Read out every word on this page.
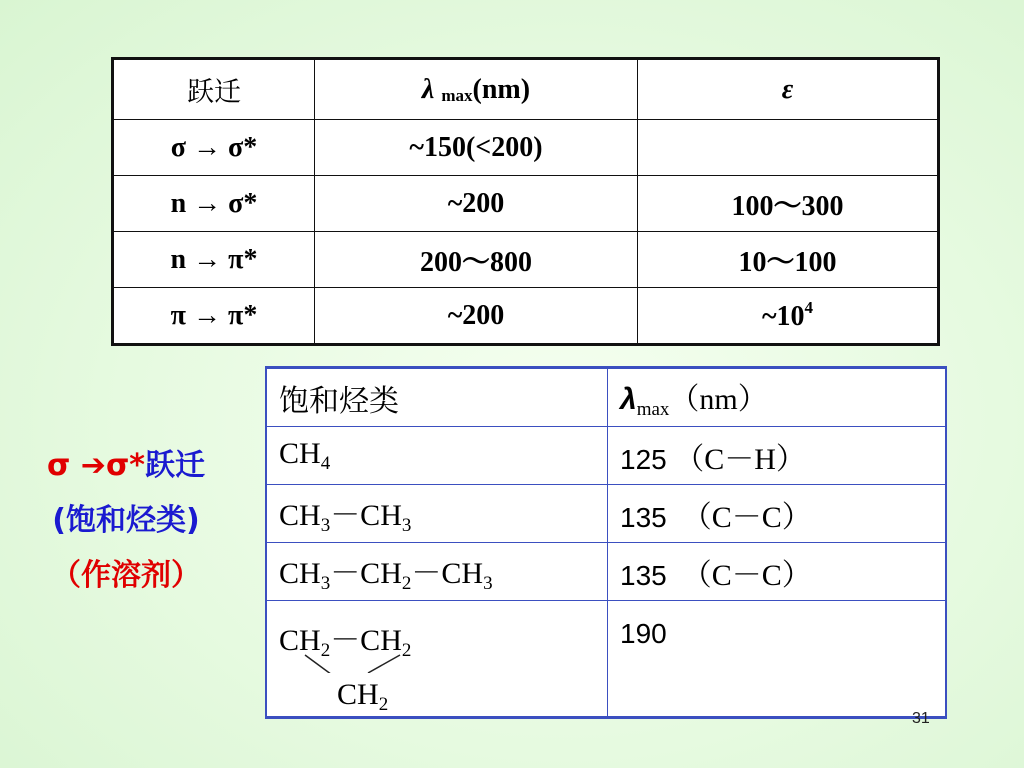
跃迁	λ max(nm)	ε
σ → σ*	~150(<200)	
n → σ*	~200	100～300
n → π*	200～800	10～100
π → π*	~200	$\sim 10^4$
σ ➔σ*跃迁
(饱和烃类)
（作溶剂）
饱和烃类	$\lambda_{max}(nm)$
$CH_4$	125 （C－H）
$CH_3-CH_3$	135 （C－C）
$CH_3-CH_2-CH_3$	135 （C－C）

$CH_2-CH_2$
$CH_2$	190
31
